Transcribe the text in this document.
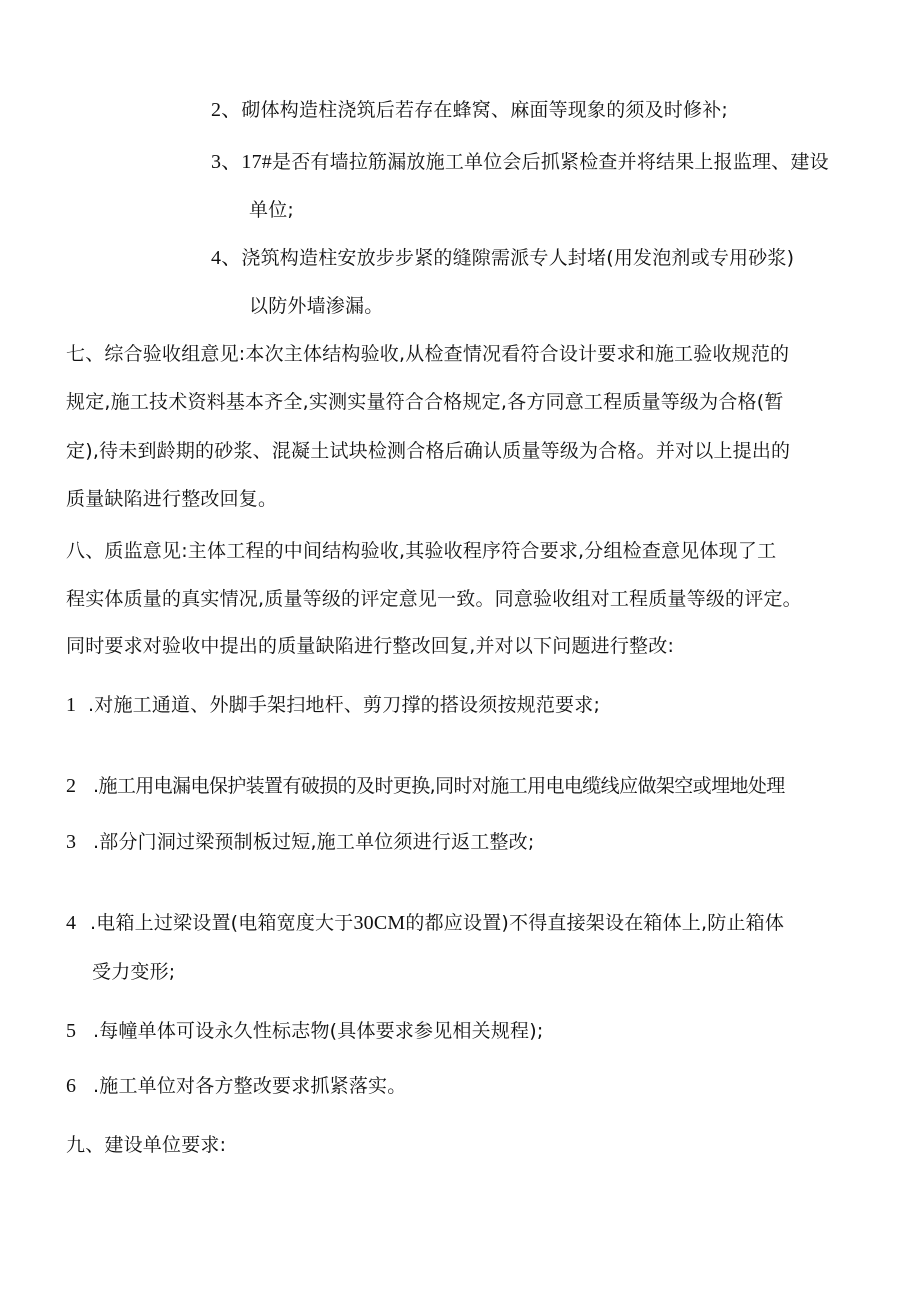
2、砌体构造柱浇筑后若存在蜂窝、麻面等现象的须及时修补;
3、17#是否有墙拉筋漏放施工单位会后抓紧检查并将结果上报监理、建设
单位;
4、浇筑构造柱安放步步紧的缝隙需派专人封堵(用发泡剂或专用砂浆)
以防外墙渗漏。
七、综合验收组意见:本次主体结构验收,从检查情况看符合设计要求和施工验收规范的
规定,施工技术资料基本齐全,实测实量符合合格规定,各方同意工程质量等级为合格(暂
定),待未到龄期的砂浆、混凝土试块检测合格后确认质量等级为合格。并对以上提出的
质量缺陷进行整改回复。
八、质监意见:主体工程的中间结构验收,其验收程序符合要求,分组检查意见体现了工
程实体质量的真实情况,质量等级的评定意见一致。同意验收组对工程质量等级的评定。
同时要求对验收中提出的质量缺陷进行整改回复,并对以下问题进行整改:
1 .对施工通道、外脚手架扫地杆、剪刀撑的搭设须按规范要求;
2 .施工用电漏电保护装置有破损的及时更换,同时对施工用电电缆线应做架空或埋地处理
3 .部分门洞过梁预制板过短,施工单位须进行返工整改;
4 .电箱上过梁设置(电箱宽度大于30CM的都应设置)不得直接架设在箱体上,防止箱体
受力变形;
5 .每幢单体可设永久性标志物(具体要求参见相关规程);
6 .施工单位对各方整改要求抓紧落实。
九、建设单位要求:
